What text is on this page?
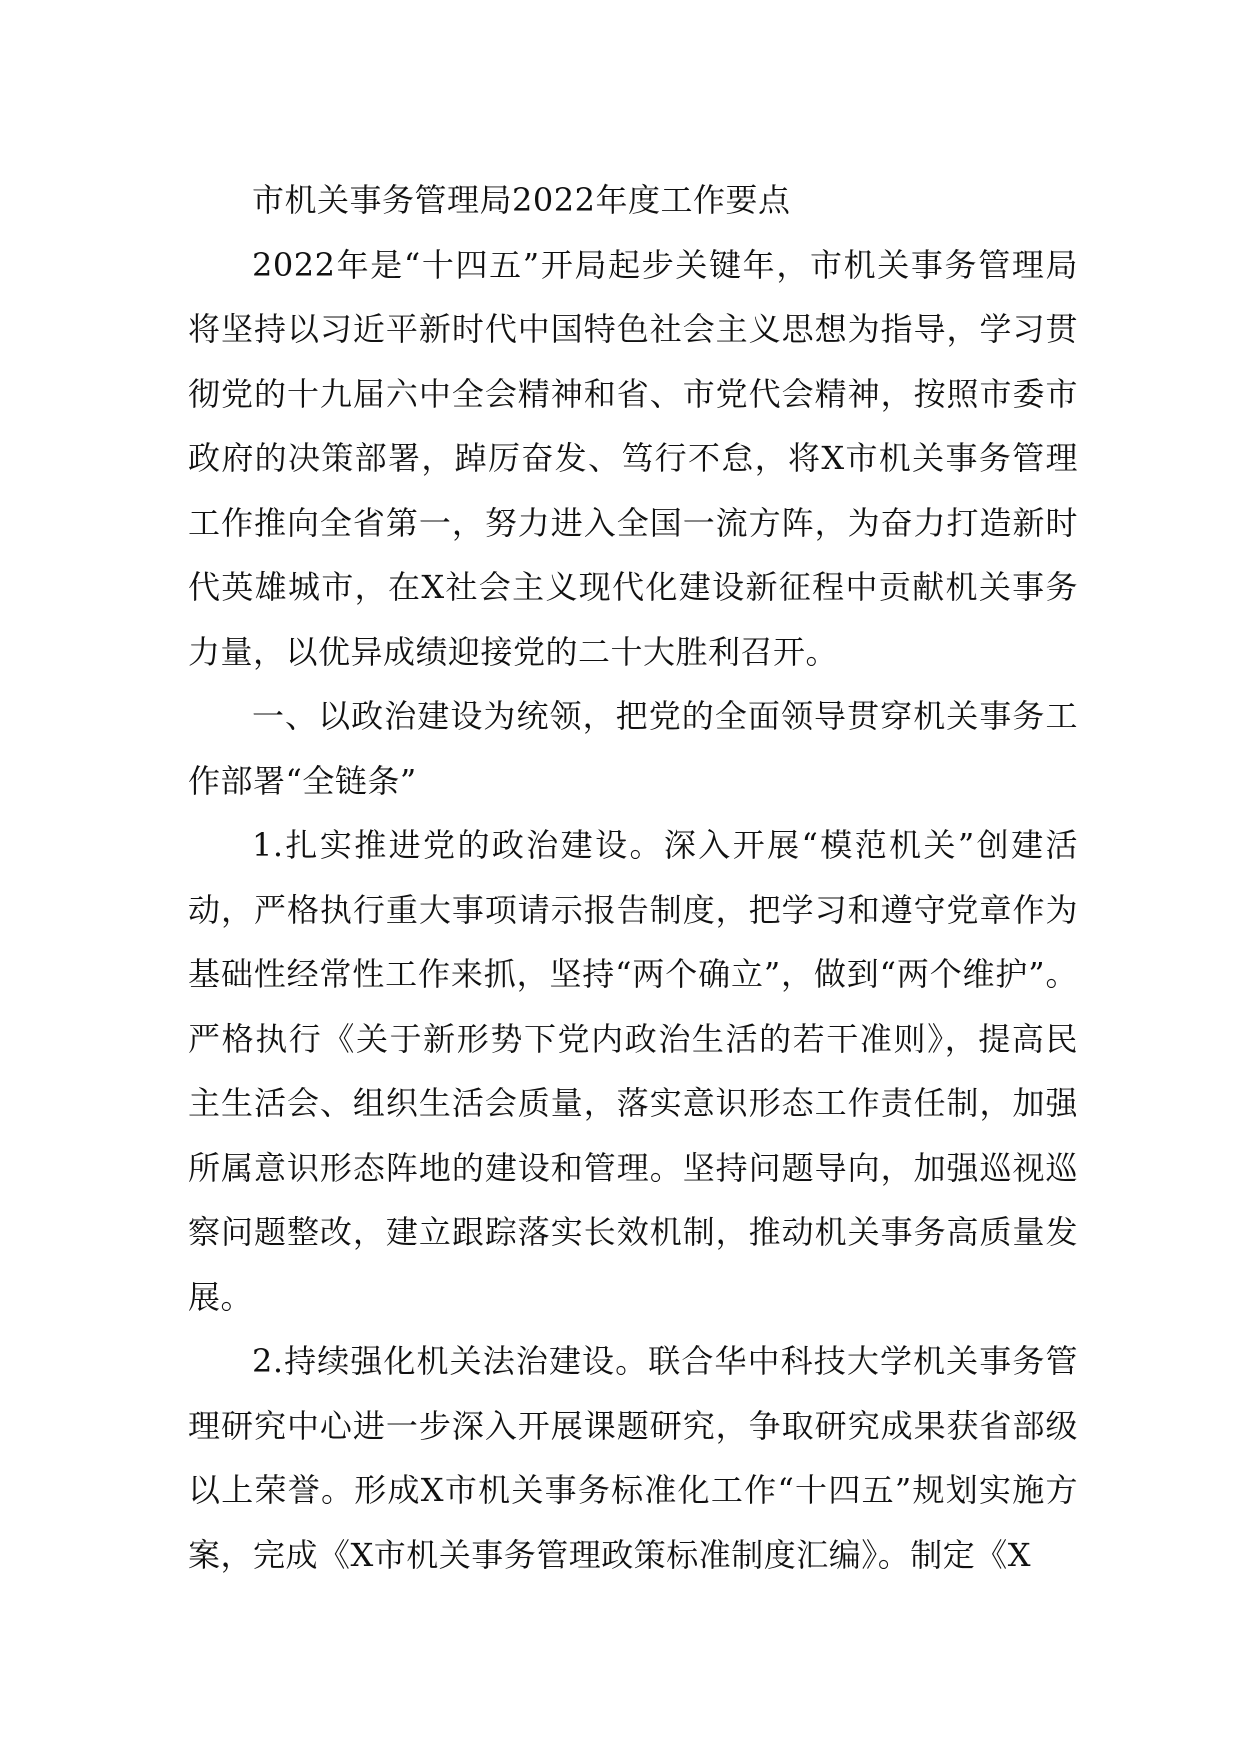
市机关事务管理局2022年度工作要点

2022年是“十四五”开局起步关键年，市机关事务管理局将坚持以习近平新时代中国特色社会主义思想为指导，学习贯彻党的十九届六中全会精神和省、市党代会精神，按照市委市政府的决策部署，踔厉奋发、笃行不怠，将X市机关事务管理工作推向全省第一，努力进入全国一流方阵，为奋力打造新时代英雄城市，在X社会主义现代化建设新征程中贡献机关事务力量，以优异成绩迎接党的二十大胜利召开。

一、以政治建设为统领，把党的全面领导贯穿机关事务工作部署“全链条”

1.扎实推进党的政治建设。深入开展“模范机关”创建活动，严格执行重大事项请示报告制度，把学习和遵守党章作为基础性经常性工作来抓，坚持“两个确立”，做到“两个维护”。严格执行《关于新形势下党内政治生活的若干准则》，提高民主生活会、组织生活会质量，落实意识形态工作责任制，加强所属意识形态阵地的建设和管理。坚持问题导向，加强巡视巡察问题整改，建立跟踪落实长效机制，推动机关事务高质量发展。

2.持续强化机关法治建设。联合华中科技大学机关事务管理研究中心进一步深入开展课题研究，争取研究成果获省部级以上荣誉。形成X市机关事务标准化工作“十四五”规划实施方案，完成《X市机关事务管理政策标准制度汇编》。制定《X
